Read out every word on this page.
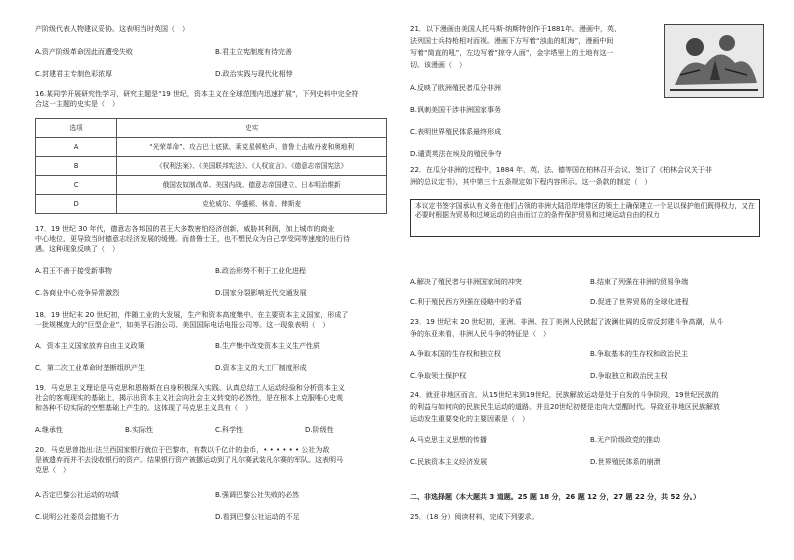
产阶级代表人物建议妥协。这表明当时英国（　）
A.资产阶级革命因此而遭受失败	B.君主立宪制度有待完善
C.封建君主专制色彩浓厚	D.政治实践与现代化相悖
16.某同学开展研究性学习，研究主题是“19 世纪，资本主义在全球范围内迅速扩展”，下列史料中完全符
合这一主题的史实是（　）
选项	史实
A	“光荣革命”、攻占巴士底狱、莱克星顿枪声、普鲁士击败丹麦和奥地利
B	《权利法案》、《美国联邦宪法》、《人权宣言》、《德意志帝国宪法》
C	俄国农奴制改革、美国内战、德意志帝国建立、日本明治维新
D	克伦威尔、华盛顿、林肯、俾斯麦
17．19 世纪 30 年代，德意志各邦国的君王大多数害怕经济创新，威胁其利润，加上城市的商业
中心地位，更导致当时德意志经济发展的缓慢。而普鲁士王，也不想民众为自己享受同等速度的出行待
遇。这种现象反映了（　）
A.君王不善于接受新事物	B.政治形势不利于工业化进程
C.各商业中心竞争异常激烈	D.国家分裂影响近代交通发展
18．19 世纪末 20 世纪初，伴随工业的大发展，生产和资本高度集中。在主要资本主义国家，形成了
一批规模庞大的“巨型企业”，如美孚石油公司、美国国际电话电报公司等。这一现象表明（　）
A．资本主义国家放弃自由主义政策	B.生产集中改变资本主义生产性质
C．第二次工业革命时垄断组织产生	D.资本主义的大工厂制度形成
19．马克思主义理论是马克思和恩格斯在自身积极深入实践、认真总结工人运动经验和分析资本主义
社会的客观现实的基础上，揭示出资本主义社会向社会主义转变的必然性，是在根本上克服唯心史观
和各种不切实际的空想基础上产生的。这体现了马克思主义具有（　）
A.继承性	B.实际性	C.科学性	D.阶级性
20．马克思曾指出:法兰西国家银行就位于巴黎市，有数以千亿计的金币，• • • • • • 公社为敌
是被遗弃而并不去没收银行的资产。结果银行资产被挪运动到了凡尔赛武装凡尔赛的军队。这表明马
克思（　）
A.否定巴黎公社运动的功绩	B.强调巴黎公社失败的必然
C.说明公社委员会措施不力	D.看到巴黎公社运动的不足
21．以下漫画由美国人托马斯·纳斯特创作于1881年。漫画中，英、
法列国士兵持枪相对而视。漫画下方写着“浊血的虹海”，漫画中间
写着“简直的吼”，左边写着“掠夺人面”，金字塔里上的土地有这一
切。该漫画（　）
A.反映了欧洲殖民者瓜分非洲
B.讽刺美国干涉非洲国家事务
C.表明世界殖民体系最终形成
D.谴责英法在埃及的殖民争夺
22．在瓜分非洲的过程中，1884 年，英、法、德等国在柏林召开会议，签订了《柏林会议关于非
洲的总议定书》，其中第三十五条规定如下程内容所示。这一条款的制定（　）
本议定书签字国承认有义务在他们占领的非洲大陆沿岸地带区的领土上确保建立一个足以保护他们既得权力，又在必要时根据为贸易和过境运动的自由而订立的条件保护贸易和过境运动自由的权力
A.解决了殖民者与非洲国家间的冲突	B.结束了列强在非洲的贸易争端
C.利于殖民西方列强在侵略中的矛盾	D.促进了世界贸易的全球化进程
23．19 世纪末 20 世纪初，亚洲、非洲、拉丁美洲人民掀起了波澜壮阔的反帝反封建斗争高潮，从斗
争的东亚来看，非洲人民斗争的特征是（　）
A.争取本国的生存权和独立权	B.争取基本的生存权和政治民主
C.争取领土保护权	D.争取独立和政治民主权
24．就亚非地区而言，从15世纪末到19世纪，民族解放运动是处于自发的斗争阶段，19世纪民族的
的利益与如何向的民族民生运动的道路。并且20世纪初便是走向大觉醒时代。导致亚非地区民族解放
运动发生重要变化的主要因素是（　）
A.马克思主义思想的传播	B.无产阶级政党的推动
C.民族资本主义经济发展	D.世界殖民体系的崩溃
二、非选择题（本大题共 3 道题。25 题 18 分，26 题 12 分，27 题 22 分，共 52 分。）
25．（18 分）阅读材料，完成下列要求。
